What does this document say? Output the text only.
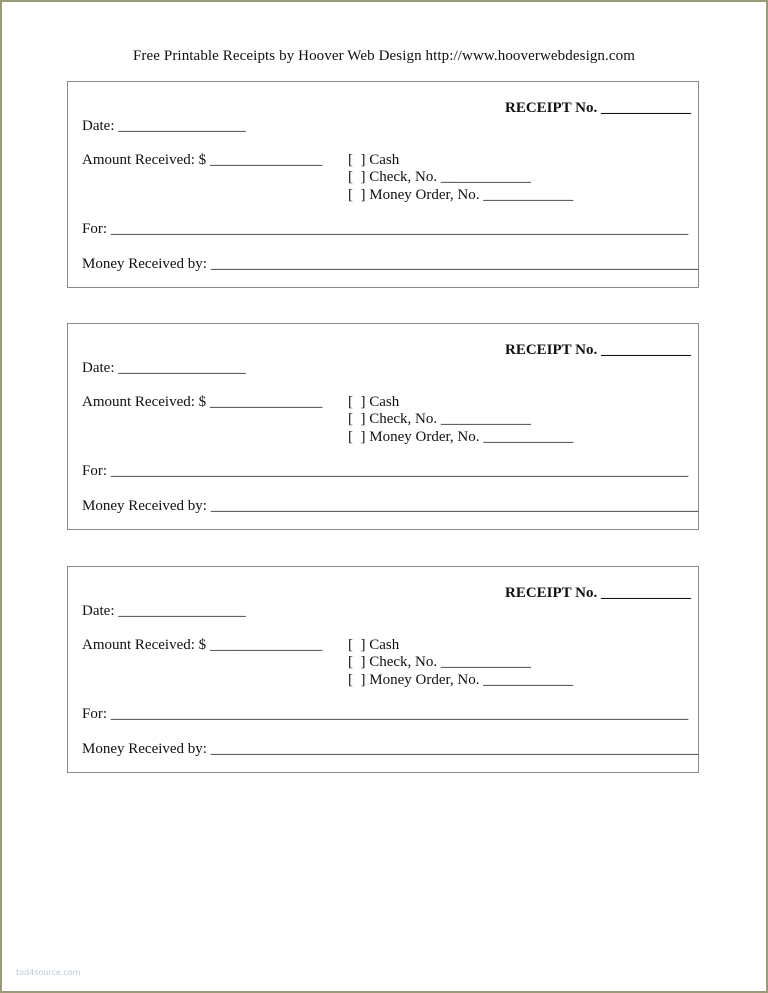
Free Printable Receipts by Hoover Web Design http://www.hooverwebdesign.com
RECEIPT No. ____________
Date: _________________
Amount Received: $ _______________ [  ] Cash
[  ] Check, No. ____________
[  ] Money Order, No. ____________
For: _____________________________________________________________________________
Money Received by: _________________________________________________________________
RECEIPT No. ____________
Date: _________________
Amount Received: $ _______________ [  ] Cash
[  ] Check, No. ____________
[  ] Money Order, No. ____________
For: _____________________________________________________________________________
Money Received by: _________________________________________________________________
RECEIPT No. ____________
Date: _________________
Amount Received: $ _______________ [  ] Cash
[  ] Check, No. ____________
[  ] Money Order, No. ____________
For: _____________________________________________________________________________
Money Received by: _________________________________________________________________
tod4source.com
